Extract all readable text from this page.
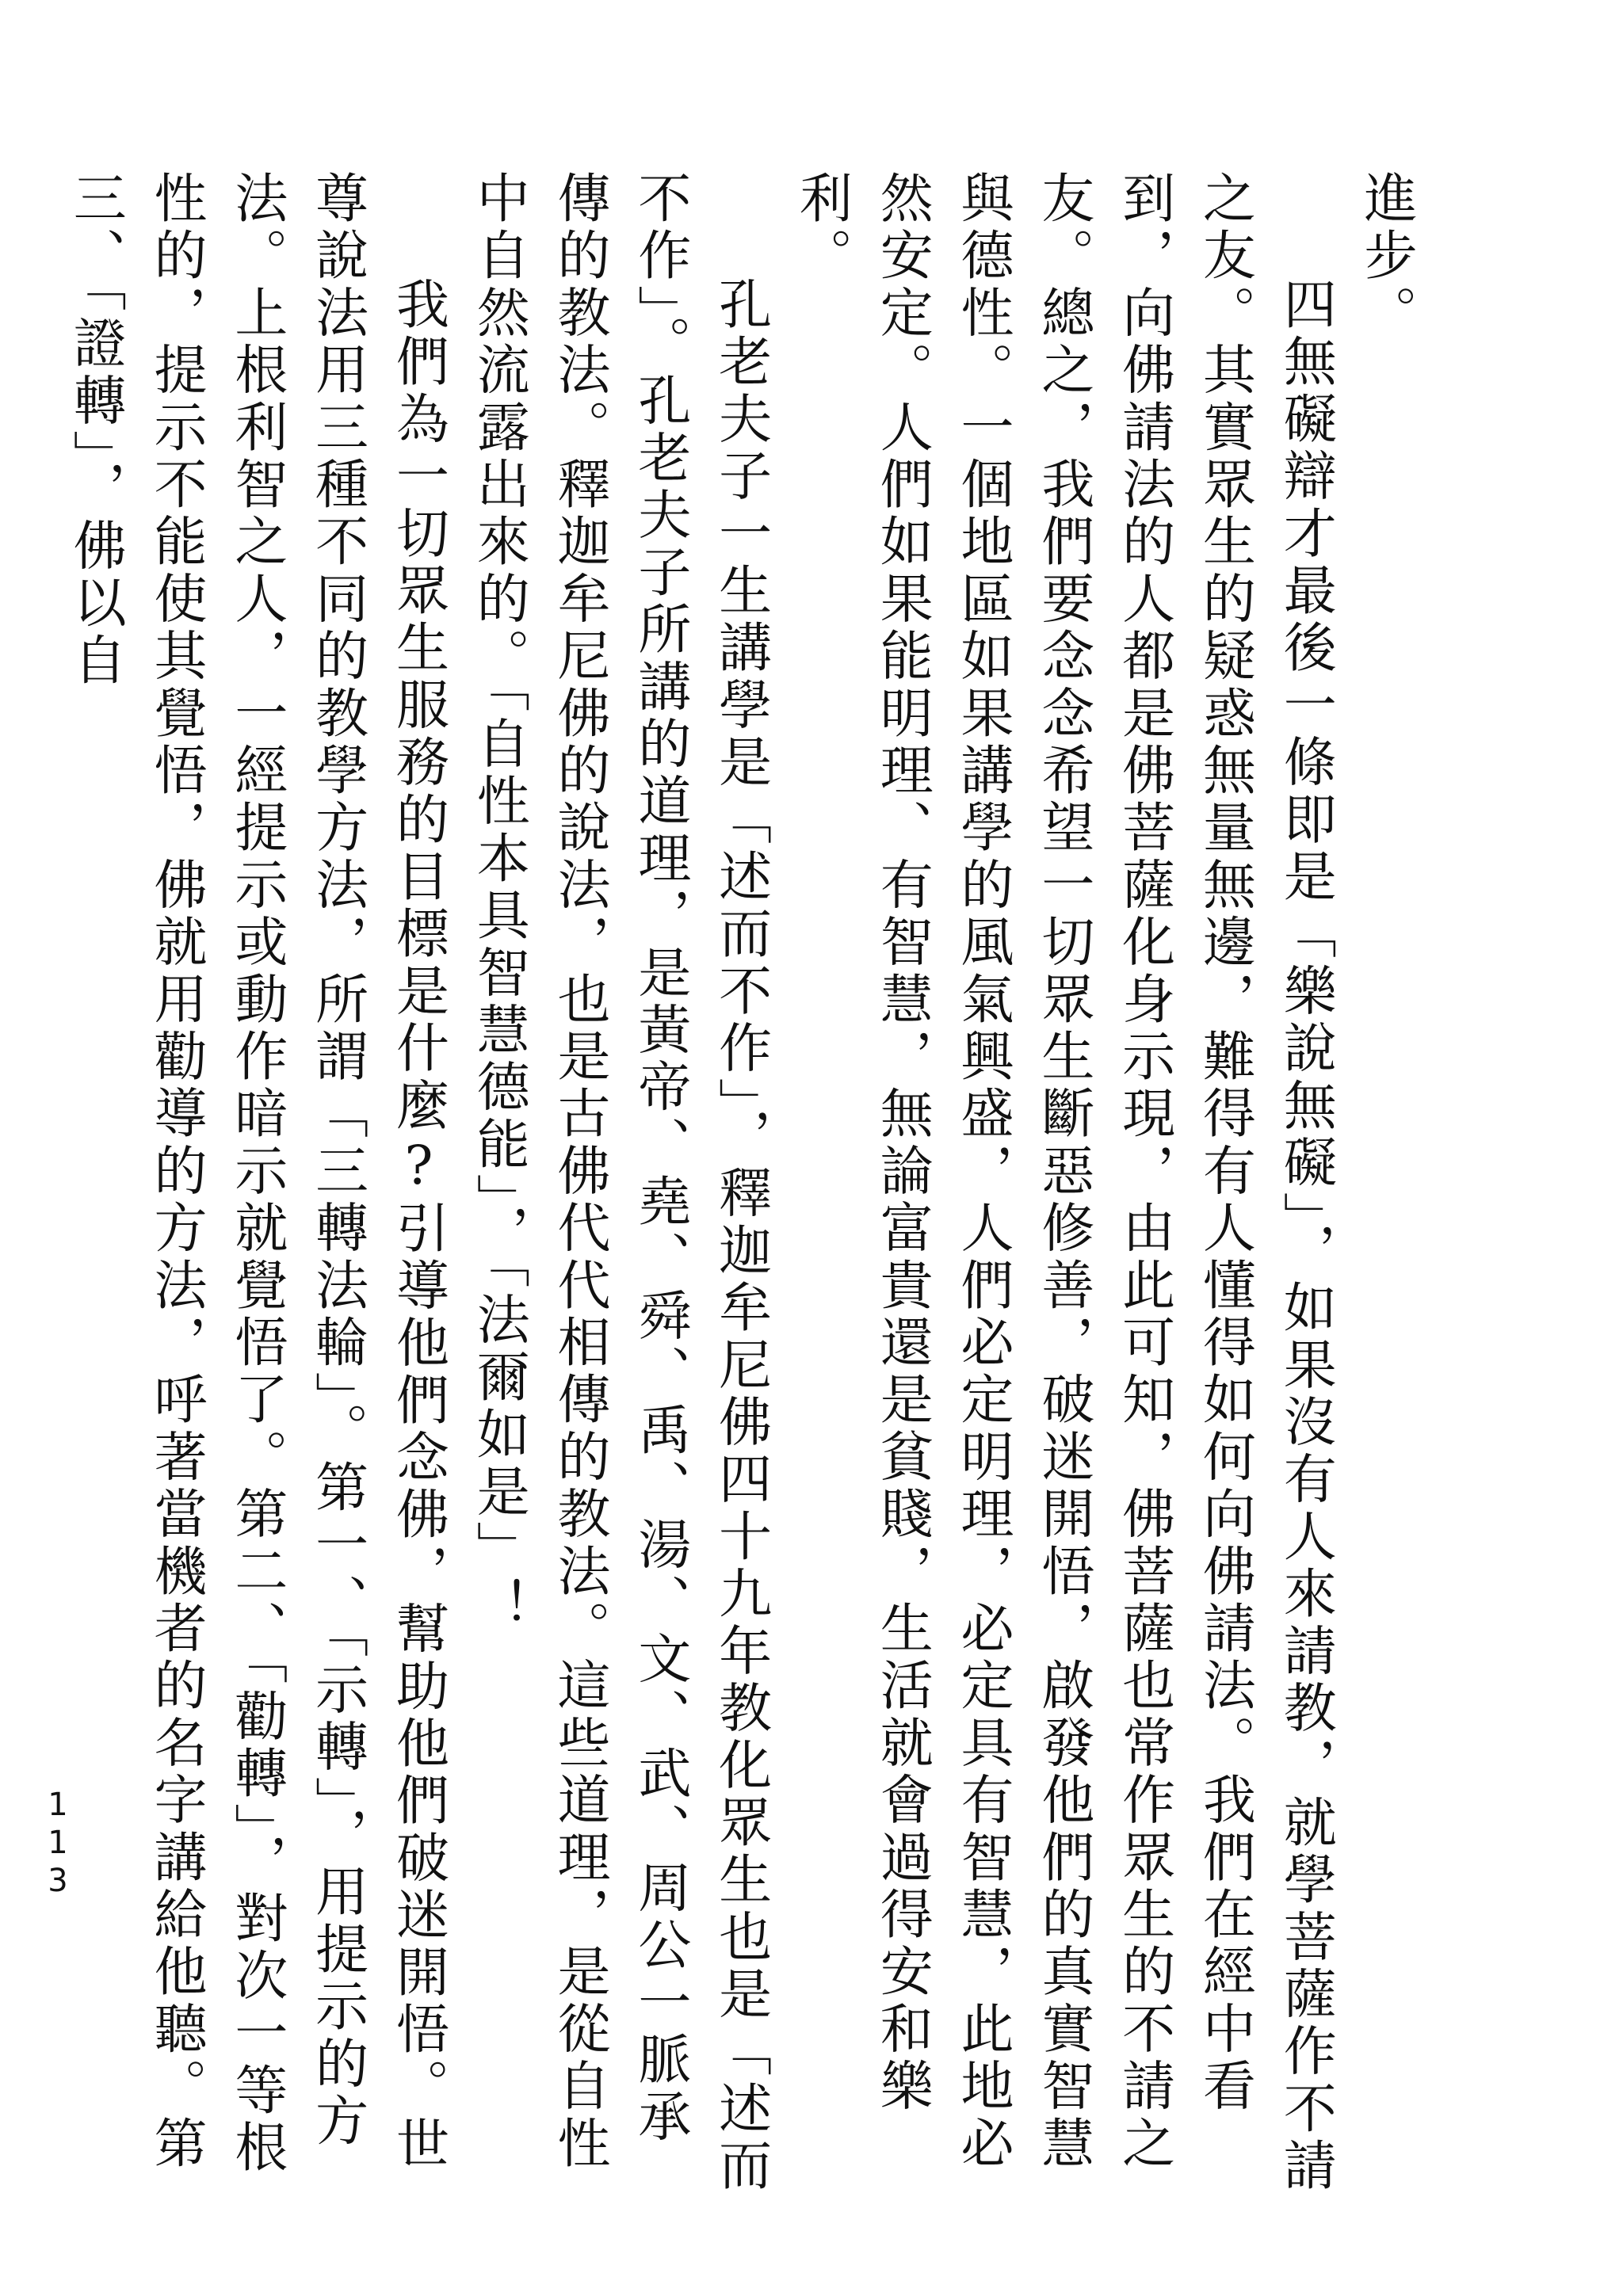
進步。

四無礙辯才最後一條即是「樂說無礙」，如果沒有人來請教，就學菩薩作不請之友。其實眾生的疑惑無量無邊，難得有人懂得如何向佛請法。我們在經中看到，向佛請法的人都是佛菩薩化身示現，由此可知，佛菩薩也常作眾生的不請之友。總之，我們要念念希望一切眾生斷惡修善，破迷開悟，啟發他們的真實智慧與德性。一個地區如果講學的風氣興盛，人們必定明理，必定具有智慧，此地必然安定。人們如果能明理、有智慧，無論富貴還是貧賤，生活就會過得安和樂利。

孔老夫子一生講學是「述而不作」，釋迦牟尼佛四十九年教化眾生也是「述而不作」。孔老夫子所講的道理，是黃帝、堯、舜、禹、湯、文、武、周公一脈承傳的教法。釋迦牟尼佛的說法，也是古佛代代相傳的教法。這些道理，是從自性中自然流露出來的。「自性本具智慧德能」，「法爾如是」！

我們為一切眾生服務的目標是什麼?引導他們念佛，幫助他們破迷開悟。世尊說法用三種不同的教學方法，所謂「三轉法輪」。第一、「示轉」，用提示的方法。上根利智之人，一經提示或動作暗示就覺悟了。第二、「勸轉」，對次一等根性的，提示不能使其覺悟，佛就用勸導的方法，呼著當機者的名字講給他聽。第三、「證轉」，佛以自

113
